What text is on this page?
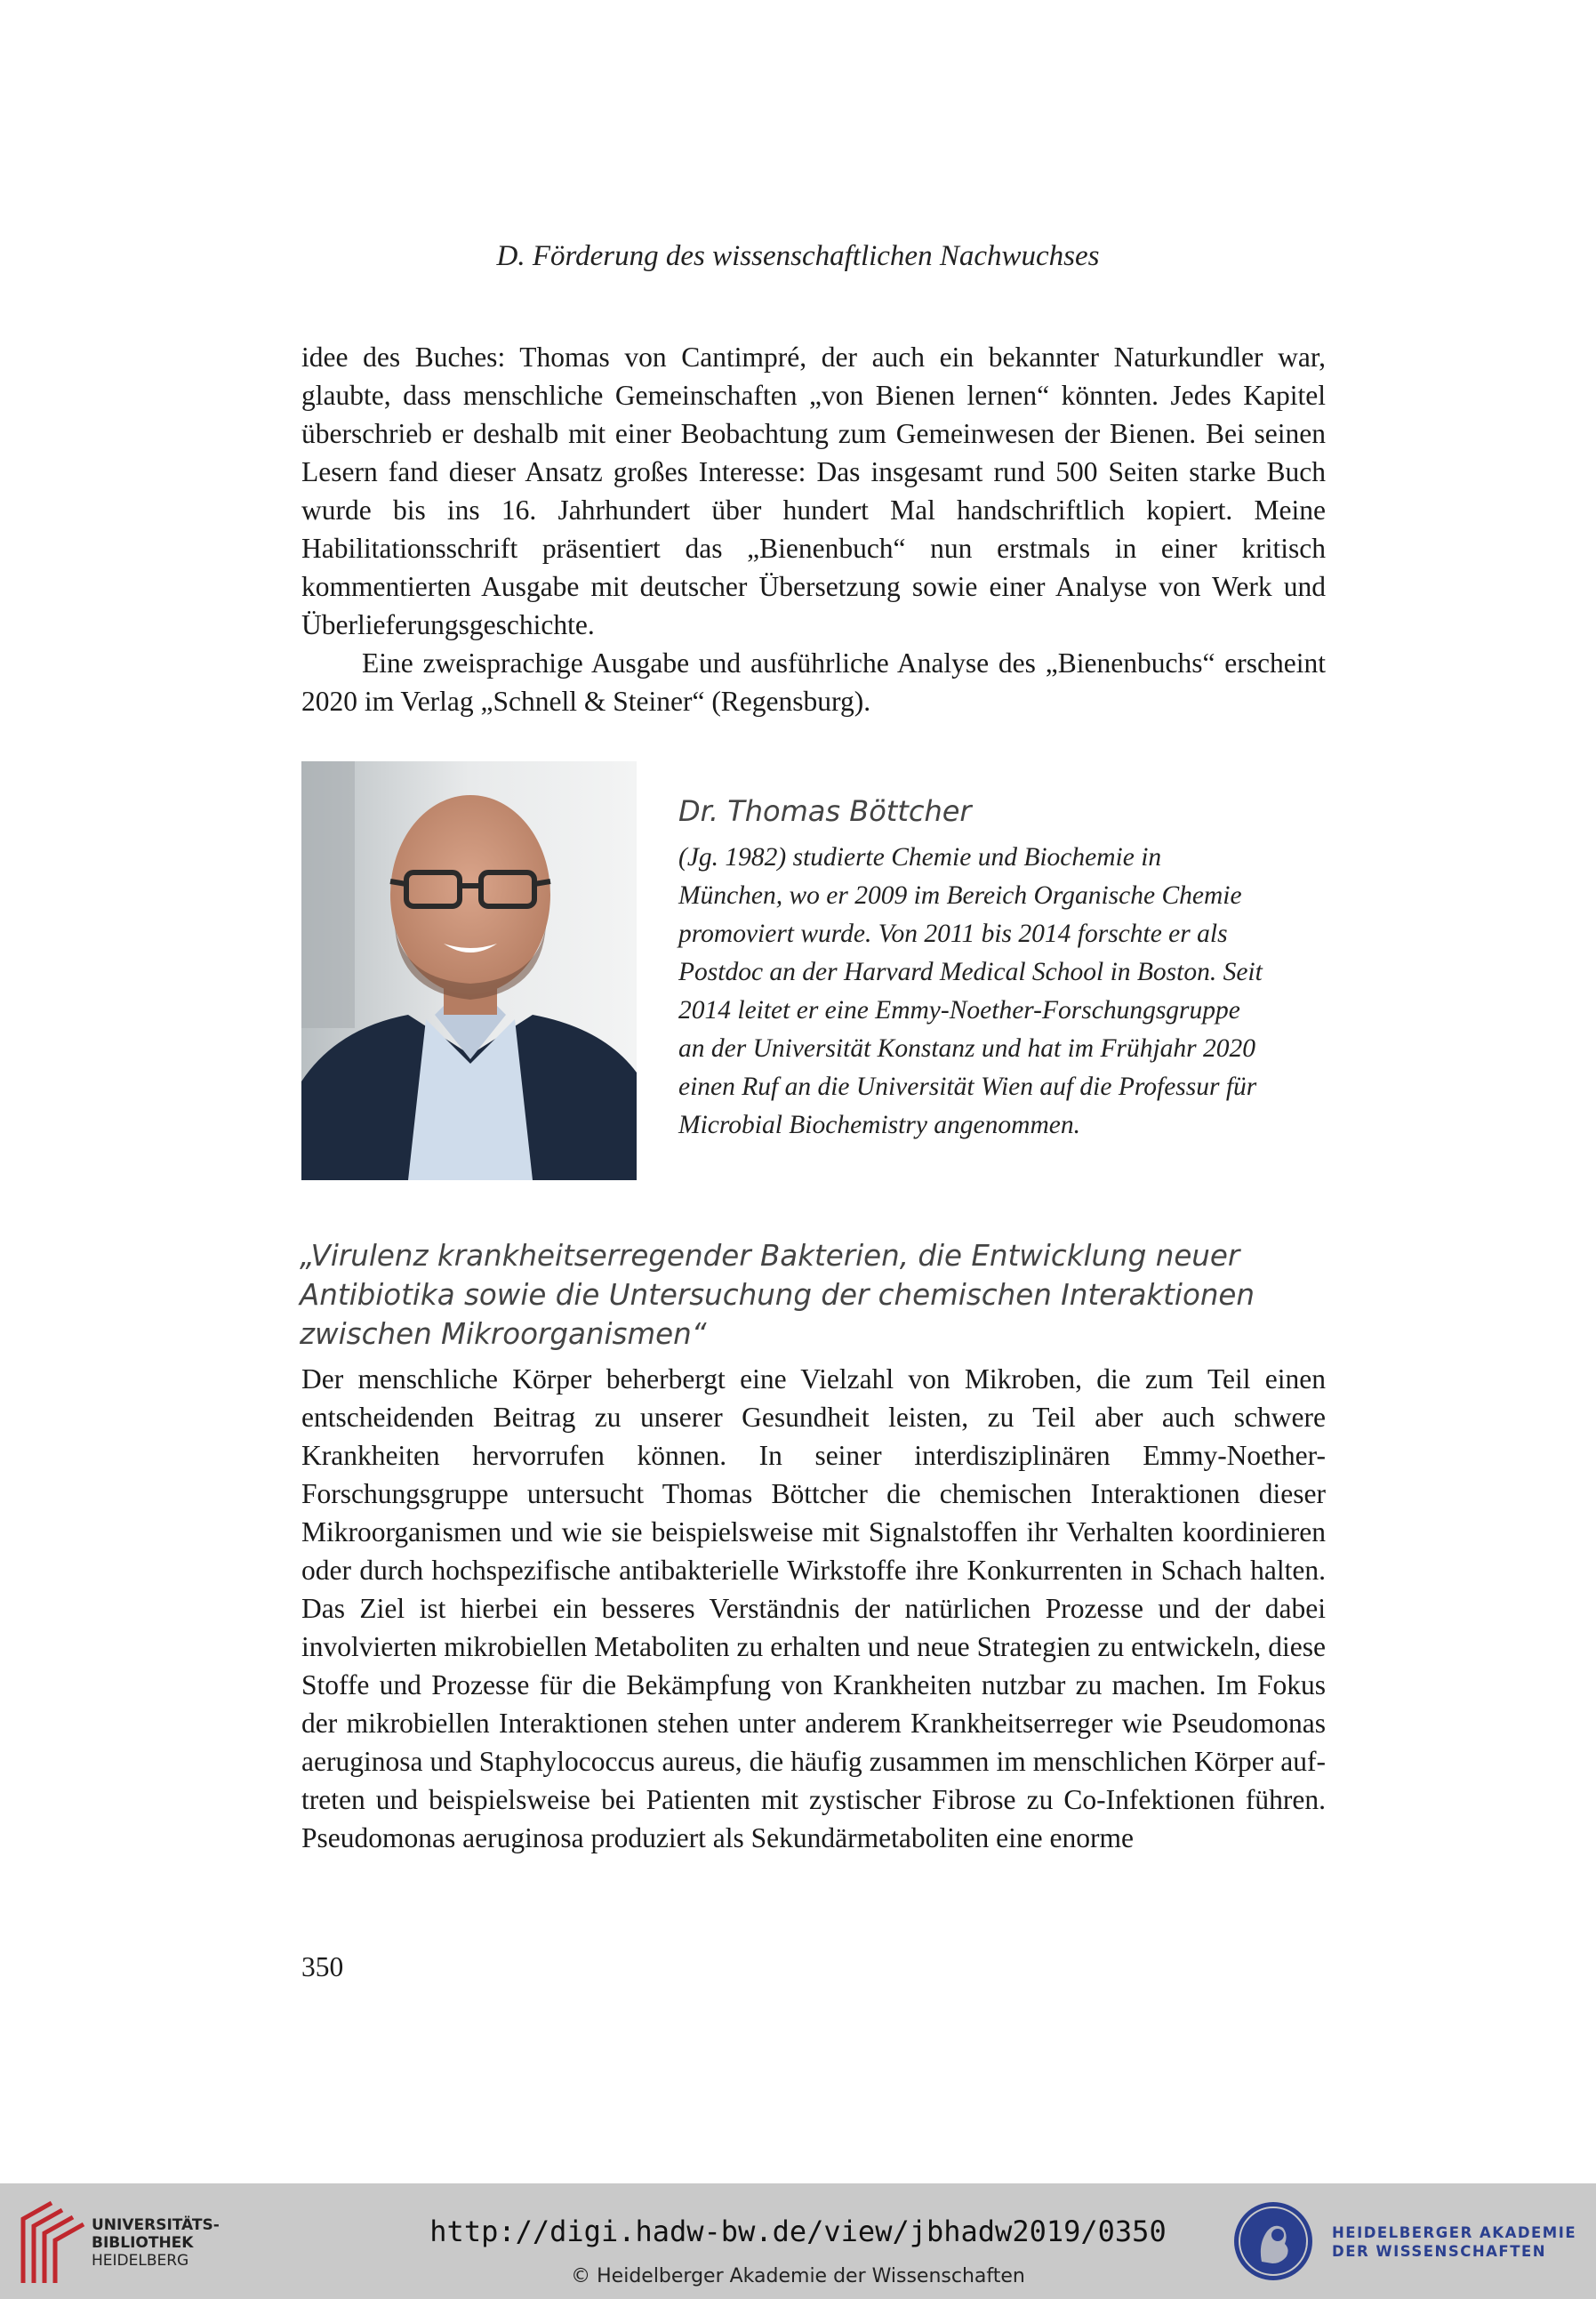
D. Förderung des wissenschaftlichen Nachwuchses

idee des Buches: Thomas von Cantimpré, der auch ein bekannter Naturkundler war, glaubte, dass menschliche Gemeinschaften „von Bienen lernen“ könnten. Jedes Kapitel überschrieb er deshalb mit einer Beobachtung zum Gemeinwesen der Bienen. Bei seinen Lesern fand dieser Ansatz großes Interesse: Das insgesamt rund 500 Seiten starke Buch wurde bis ins 16. Jahrhundert über hundert Mal handschriftlich kopiert. Meine Habilitationsschrift präsentiert das „Bienenbuch“ nun erstmals in einer kritisch kommentierten Ausgabe mit deutscher Übersetzung sowie einer Analyse von Werk und Überlieferungsgeschichte.

Eine zweisprachige Ausgabe und ausführliche Analyse des „Bienenbuchs“ erscheint 2020 im Verlag „Schnell & Steiner“ (Regensburg).

Dr. Thomas Böttcher
(Jg. 1982) studierte Chemie und Biochemie in München, wo er 2009 im Bereich Organische Chemie promoviert wurde. Von 2011 bis 2014 forschte er als Postdoc an der Harvard Medical School in Boston. Seit 2014 leitet er eine Emmy-Noether-Forschungsgruppe an der Universität Konstanz und hat im Frühjahr 2020 einen Ruf an die Universität Wien auf die Professur für Microbial Biochemistry angenommen.
„Virulenz krankheitserregender Bakterien, die Entwicklung neuer Antibiotika sowie die Untersuchung der chemischen Interaktionen zwischen Mikroorganismen“

Der menschliche Körper beherbergt eine Vielzahl von Mikroben, die zum Teil einen entscheidenden Beitrag zu unserer Gesundheit leisten, zu Teil aber auch schwere Krankheiten hervorrufen können. In seiner interdisziplinären Emmy-Noether-Forschungsgruppe untersucht Thomas Böttcher die chemischen Interaktionen dieser Mikroorganismen und wie sie beispielsweise mit Signalstoffen ihr Verhalten koordinieren oder durch hochspezifische antibakterielle Wirkstoffe ihre Konkurrenten in Schach halten. Das Ziel ist hierbei ein besseres Verständnis der natürlichen Prozesse und der dabei involvierten mikrobiellen Metaboliten zu erhalten und neue Strategien zu entwickeln, diese Stoffe und Prozesse für die Bekämpfung von Krankheiten nutzbar zu machen. Im Fokus der mikrobiellen Interaktionen stehen unter anderem Krankheitserreger wie Pseudomonas aeruginosa und Staphylococcus aureus, die häufig zusammen im menschlichen Körper auftreten und beispielsweise bei Patienten mit zystischer Fibrose zu Co-Infektionen führen. Pseudomonas aeruginosa produziert als Sekundärmetaboliten eine enorme

350
UNIVERSITÄTS-
BIBLIOTHEK
HEIDELBERG
http://digi.hadw-bw.de/view/jbhadw2019/0350
© Heidelberger Akademie der Wissenschaften
HEIDELBERGER AKADEMIE
DER WISSENSCHAFTEN
